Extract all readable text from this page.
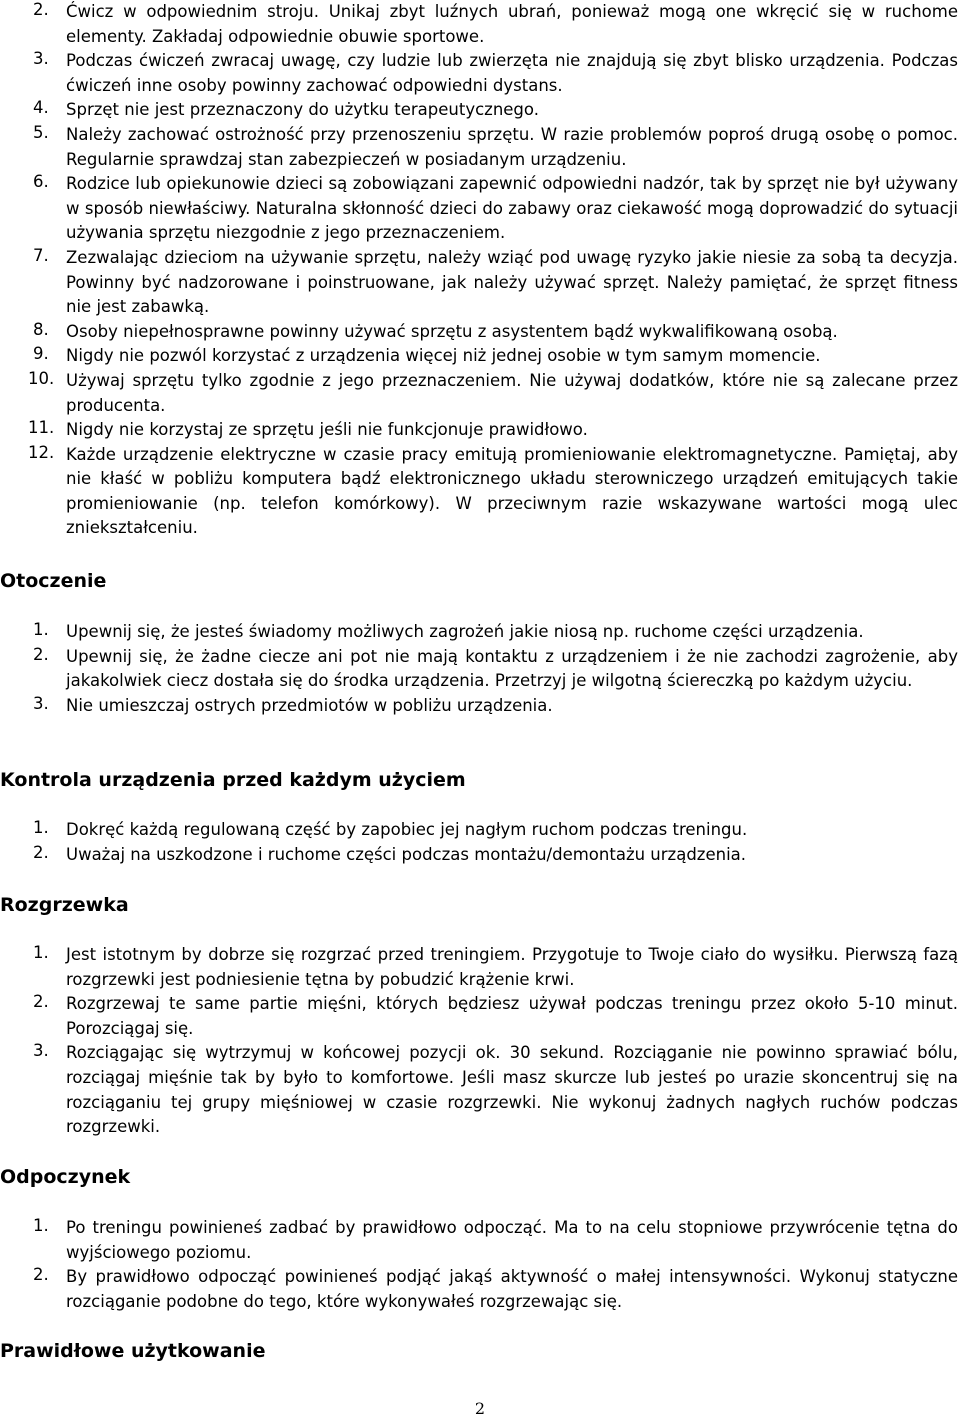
2.	Ćwicz w odpowiednim stroju. Unikaj zbyt luźnych ubrań, ponieważ mogą one wkręcić się w ruchome elementy. Zakładaj odpowiednie obuwie sportowe.
3.	Podczas ćwiczeń zwracaj uwagę, czy ludzie lub zwierzęta nie znajdują się zbyt blisko urządzenia. Podczas ćwiczeń inne osoby powinny zachować odpowiedni dystans.
4.	Sprzęt nie jest przeznaczony do użytku terapeutycznego.
5.	Należy zachować ostrożność przy przenoszeniu sprzętu. W razie problemów poproś drugą osobę o pomoc. Regularnie sprawdzaj stan zabezpieczeń w posiadanym urządzeniu.
6.	Rodzice lub opiekunowie dzieci są zobowiązani zapewnić odpowiedni nadzór, tak by sprzęt nie był używany w sposób niewłaściwy. Naturalna skłonność dzieci do zabawy oraz ciekawość mogą doprowadzić do sytuacji używania sprzętu niezgodnie z jego przeznaczeniem.
7.	Zezwalając dzieciom na używanie sprzętu, należy wziąć pod uwagę ryzyko jakie niesie za sobą ta decyzja. Powinny być nadzorowane i poinstruowane, jak należy używać sprzęt. Należy pamiętać, że sprzęt fitness nie jest zabawką.
8.	Osoby niepełnosprawne powinny używać sprzętu z asystentem bądź wykwalifikowaną osobą.
9.	Nigdy nie pozwól korzystać z urządzenia więcej niż jednej osobie w tym samym momencie.
10. Używaj sprzętu tylko zgodnie z jego przeznaczeniem. Nie używaj dodatków, które nie są zalecane przez producenta.
11. Nigdy nie korzystaj ze sprzętu jeśli nie funkcjonuje prawidłowo.
12. Każde urządzenie elektryczne w czasie pracy emitują promieniowanie elektromagnetyczne. Pamiętaj, aby nie kłaść w pobliżu komputera bądź elektronicznego układu sterowniczego urządzeń emitujących takie promieniowanie (np. telefon komórkowy). W przeciwnym razie wskazywane wartości mogą ulec zniekształceniu.
Otoczenie
1.	Upewnij się, że jesteś świadomy możliwych zagrożeń jakie niosą np. ruchome części urządzenia.
2.	Upewnij się, że żadne ciecze ani pot nie mają kontaktu z urządzeniem i że nie zachodzi zagrożenie, aby jakakolwiek ciecz dostała się do środka urządzenia. Przetrzyj je wilgotną ściereczką po każdym użyciu.
3.	Nie umieszczaj ostrych przedmiotów w pobliżu urządzenia.
Kontrola urządzenia przed każdym użyciem
1.	Dokręć każdą regulowaną część by zapobiec jej nagłym ruchom podczas treningu.
2.	Uważaj na uszkodzone i ruchome części podczas montażu/demontażu urządzenia.
Rozgrzewka
1.	Jest istotnym by dobrze się rozgrzać przed treningiem. Przygotuje to Twoje ciało do wysiłku. Pierwszą fazą rozgrzewki jest podniesienie tętna by pobudzić krążenie krwi.
2.	Rozgrzewaj te same partie mięśni, których będziesz używał podczas treningu przez około 5-10 minut. Porozciągaj się.
3.	Rozciągając się wytrzymuj w końcowej pozycji ok. 30 sekund. Rozciąganie nie powinno sprawiać bólu, rozciągaj mięśnie tak by było to komfortowe. Jeśli masz skurcze lub jesteś po urazie skoncentruj się na rozciąganiu tej grupy mięśniowej w czasie rozgrzewki. Nie wykonuj żadnych nagłych ruchów podczas rozgrzewki.
Odpoczynek
1.	Po treningu powinieneś zadbać by prawidłowo odpocząć. Ma to na celu stopniowe przywrócenie tętna do wyjściowego poziomu.
2.	By prawidłowo odpocząć powinieneś podjąć jakąś aktywność o małej intensywności. Wykonuj statyczne rozciąganie podobne do tego, które wykonywałeś rozgrzewając się.
Prawidłowe użytkowanie
2
